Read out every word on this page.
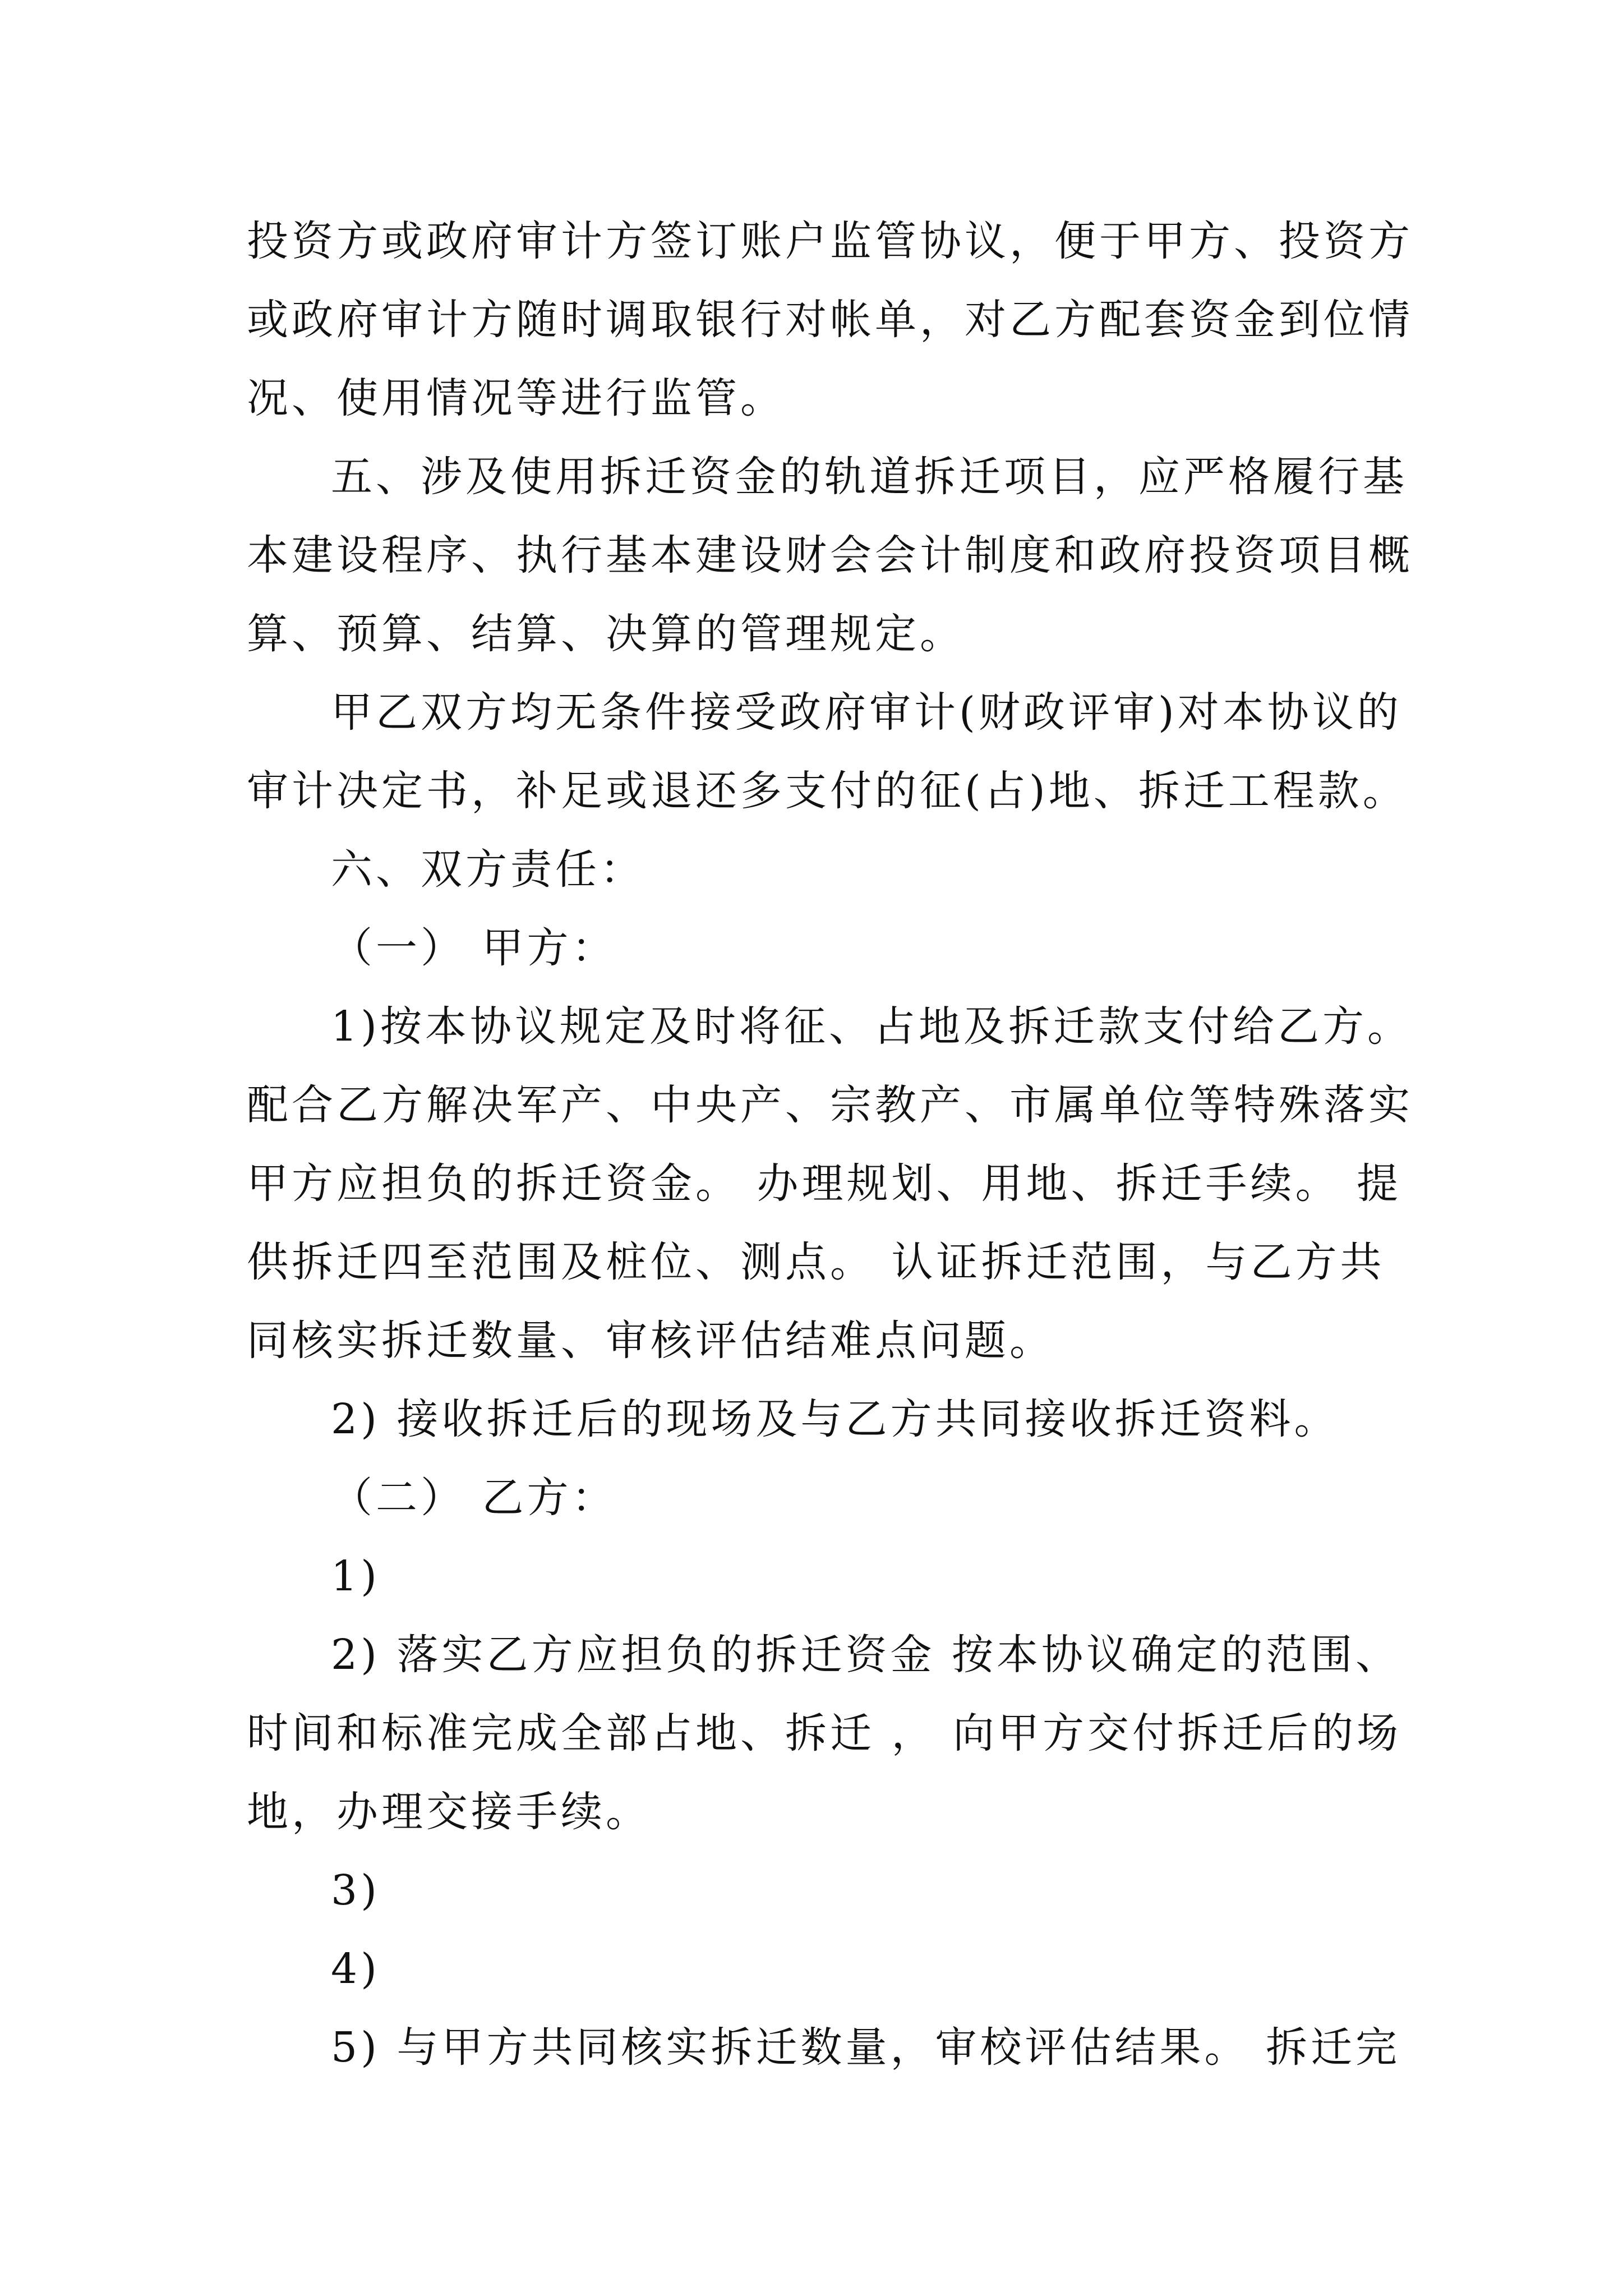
投资方或政府审计方签订账户监管协议，便于甲方、投资方
或政府审计方随时调取银行对帐单，对乙方配套资金到位情
况、使用情况等进行监管。
五、涉及使用拆迁资金的轨道拆迁项目，应严格履行基
本建设程序、执行基本建设财会会计制度和政府投资项目概
算、预算、结算、决算的管理规定。
甲乙双方均无条件接受政府审计(财政评审)对本协议的
审计决定书，补足或退还多支付的征(占)地、拆迁工程款。
六、双方责任：
（一） 甲方：
1)按本协议规定及时将征、占地及拆迁款支付给乙方。
配合乙方解决军产、中央产、宗教产、市属单位等特殊落实
甲方应担负的拆迁资金。 办理规划、用地、拆迁手续。 提
供拆迁四至范围及桩位、测点。 认证拆迁范围，与乙方共
同核实拆迁数量、审核评估结难点问题。
2) 接收拆迁后的现场及与乙方共同接收拆迁资料。
（二） 乙方：
1)
2) 落实乙方应担负的拆迁资金 按本协议确定的范围、
时间和标准完成全部占地、拆迁 ， 向甲方交付拆迁后的场
地，办理交接手续。
3)
4)
5) 与甲方共同核实拆迁数量，审校评估结果。 拆迁完
